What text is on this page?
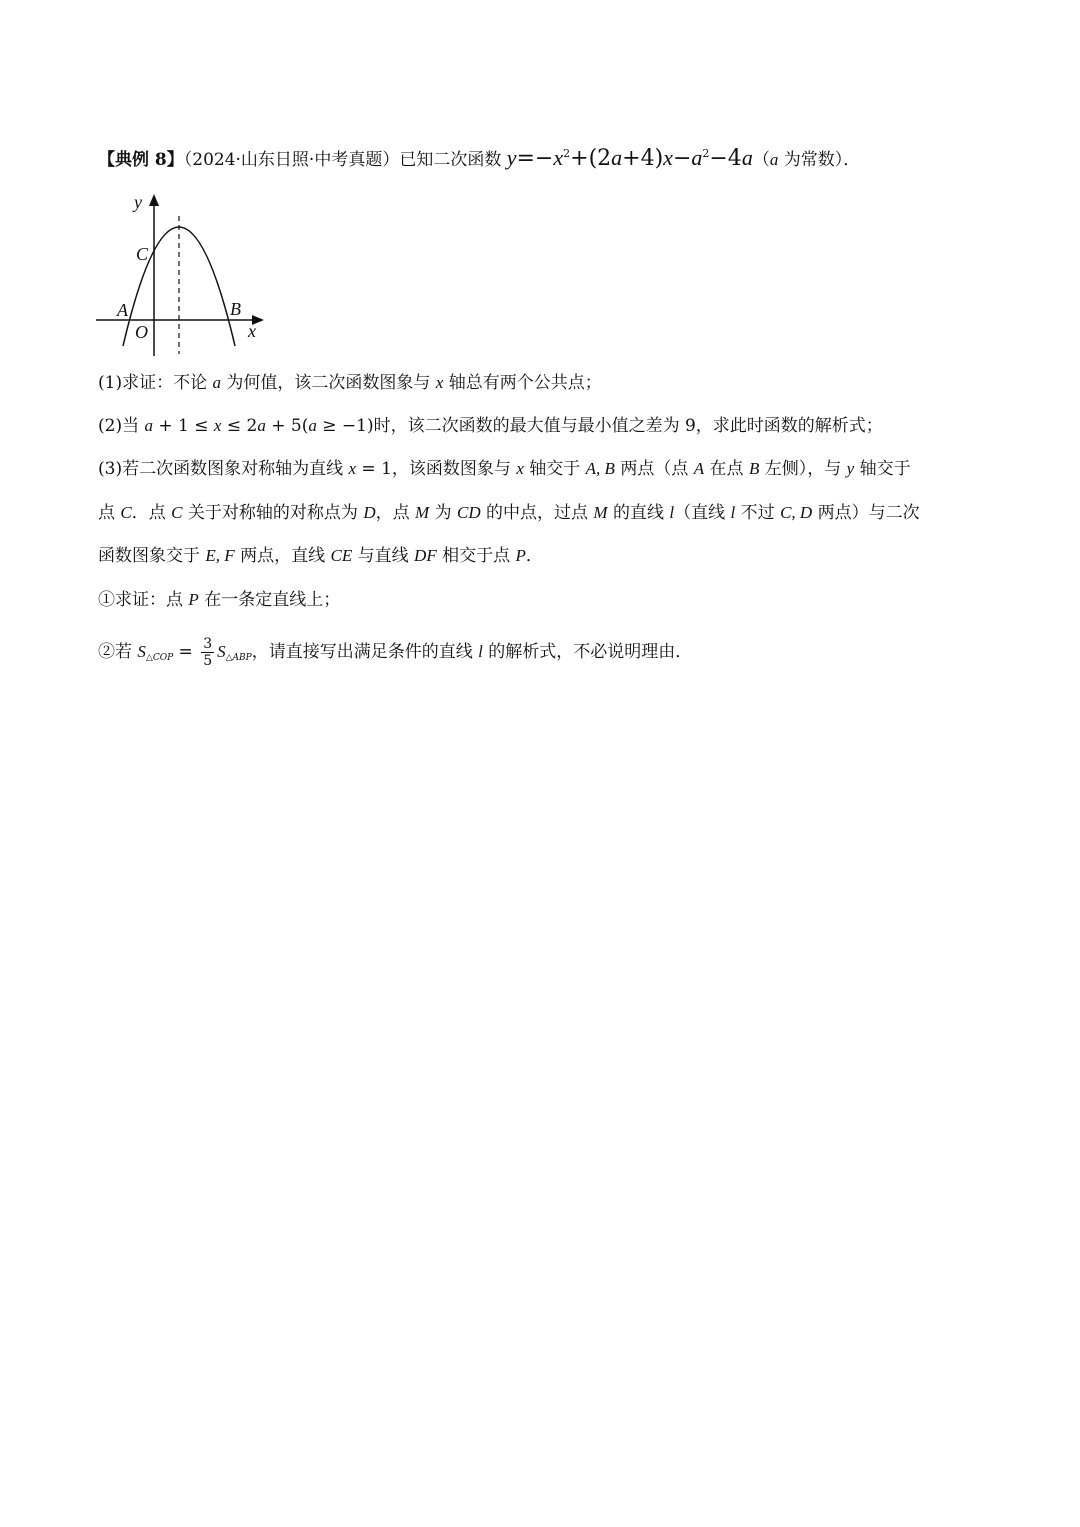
【典例 8】（2024·山东日照·中考真题）已知二次函数 $y=-x^2+(2a+4)x-a^2-4a(a$ 为常数）．
y
x
C
A	B
O
(1)求证：不论 a 为何值，该二次函数图象与 x 轴总有两个公共点；
(2)当 a + 1 ≤ x ≤ 2a + 5(a ≥ −1)时，该二次函数的最大值与最小值之差为 9，求此时函数的解析式；
(3)若二次函数图象对称轴为直线 x = 1，该函数图象与 x 轴交于 A, B 两点（点 A 在点 B 左侧），与 y 轴交于
点 C．点 C 关于对称轴的对称点为 D，点 M 为 CD 的中点，过点 M 的直线 l（直线 l 不过 C, D 两点）与二次
函数图象交于 E, F 两点，直线 CE 与直线 DF 相交于点 P．
①求证：点 P 在一条定直线上；
②若 $S_{\triangle COP} = \frac{3}{5} S_{\triangle ABP}$，请直接写出满足条件的直线 l 的解析式，不必说明理由．
